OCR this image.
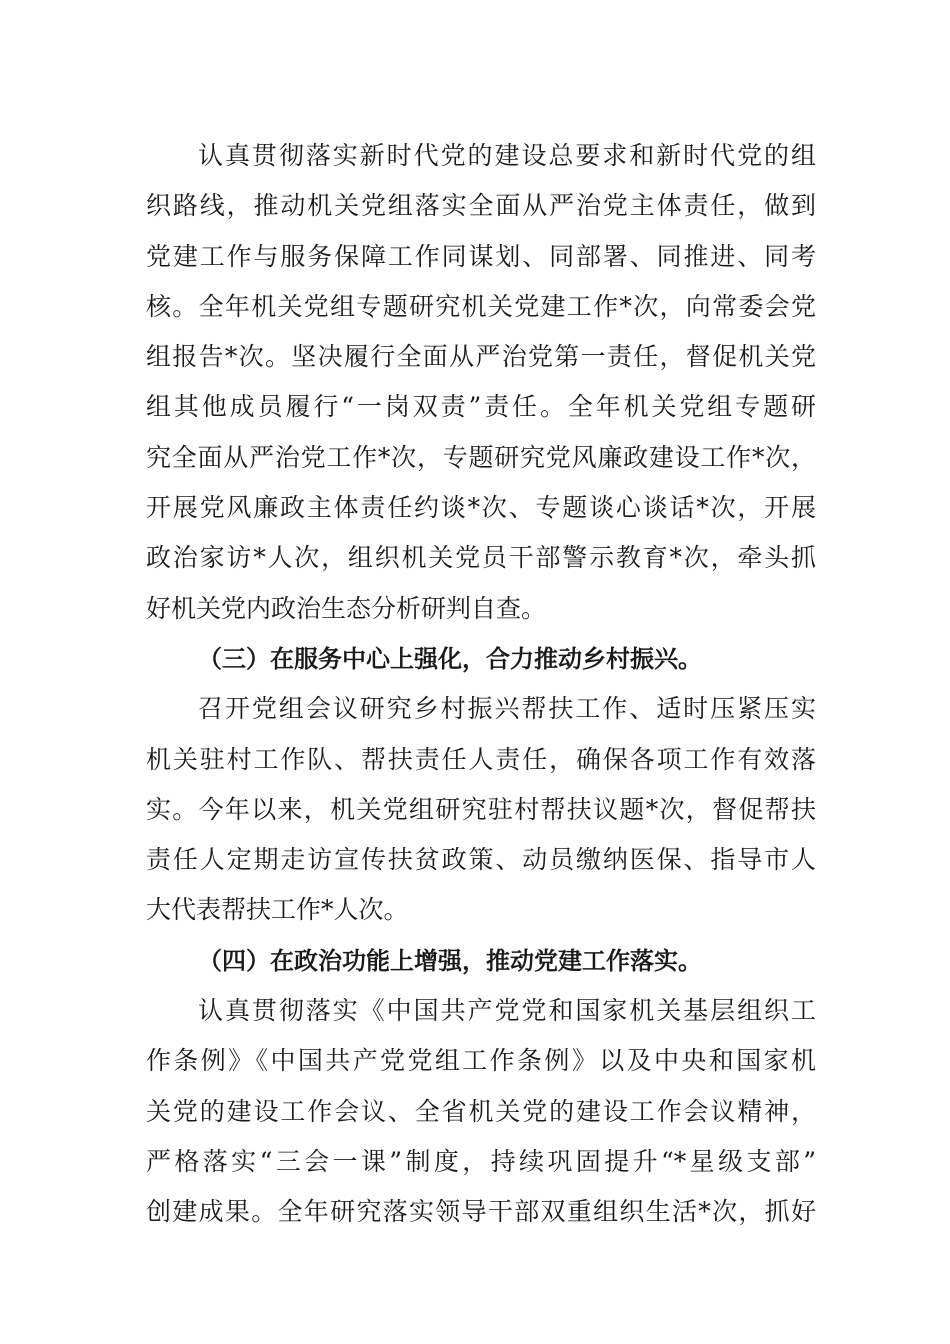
认真贯彻落实新时代党的建设总要求和新时代党的组
织路线，推动机关党组落实全面从严治党主体责任，做到
党建工作与服务保障工作同谋划、同部署、同推进、同考
核。全年机关党组专题研究机关党建工作*次，向常委会党
组报告*次。坚决履行全面从严治党第一责任，督促机关党
组其他成员履行“一岗双责”责任。全年机关党组专题研
究全面从严治党工作*次，专题研究党风廉政建设工作*次，
开展党风廉政主体责任约谈*次、专题谈心谈话*次，开展
政治家访*人次，组织机关党员干部警示教育*次，牵头抓
好机关党内政治生态分析研判自查。
（三）在服务中心上强化，合力推动乡村振兴。
召开党组会议研究乡村振兴帮扶工作、适时压紧压实
机关驻村工作队、帮扶责任人责任，确保各项工作有效落
实。今年以来，机关党组研究驻村帮扶议题*次，督促帮扶
责任人定期走访宣传扶贫政策、动员缴纳医保、指导市人
大代表帮扶工作*人次。
（四）在政治功能上增强，推动党建工作落实。
认真贯彻落实《中国共产党党和国家机关基层组织工
作条例》《中国共产党党组工作条例》以及中央和国家机
关党的建设工作会议、全省机关党的建设工作会议精神，
严格落实“三会一课”制度，持续巩固提升“*星级支部”
创建成果。全年研究落实领导干部双重组织生活*次，抓好
